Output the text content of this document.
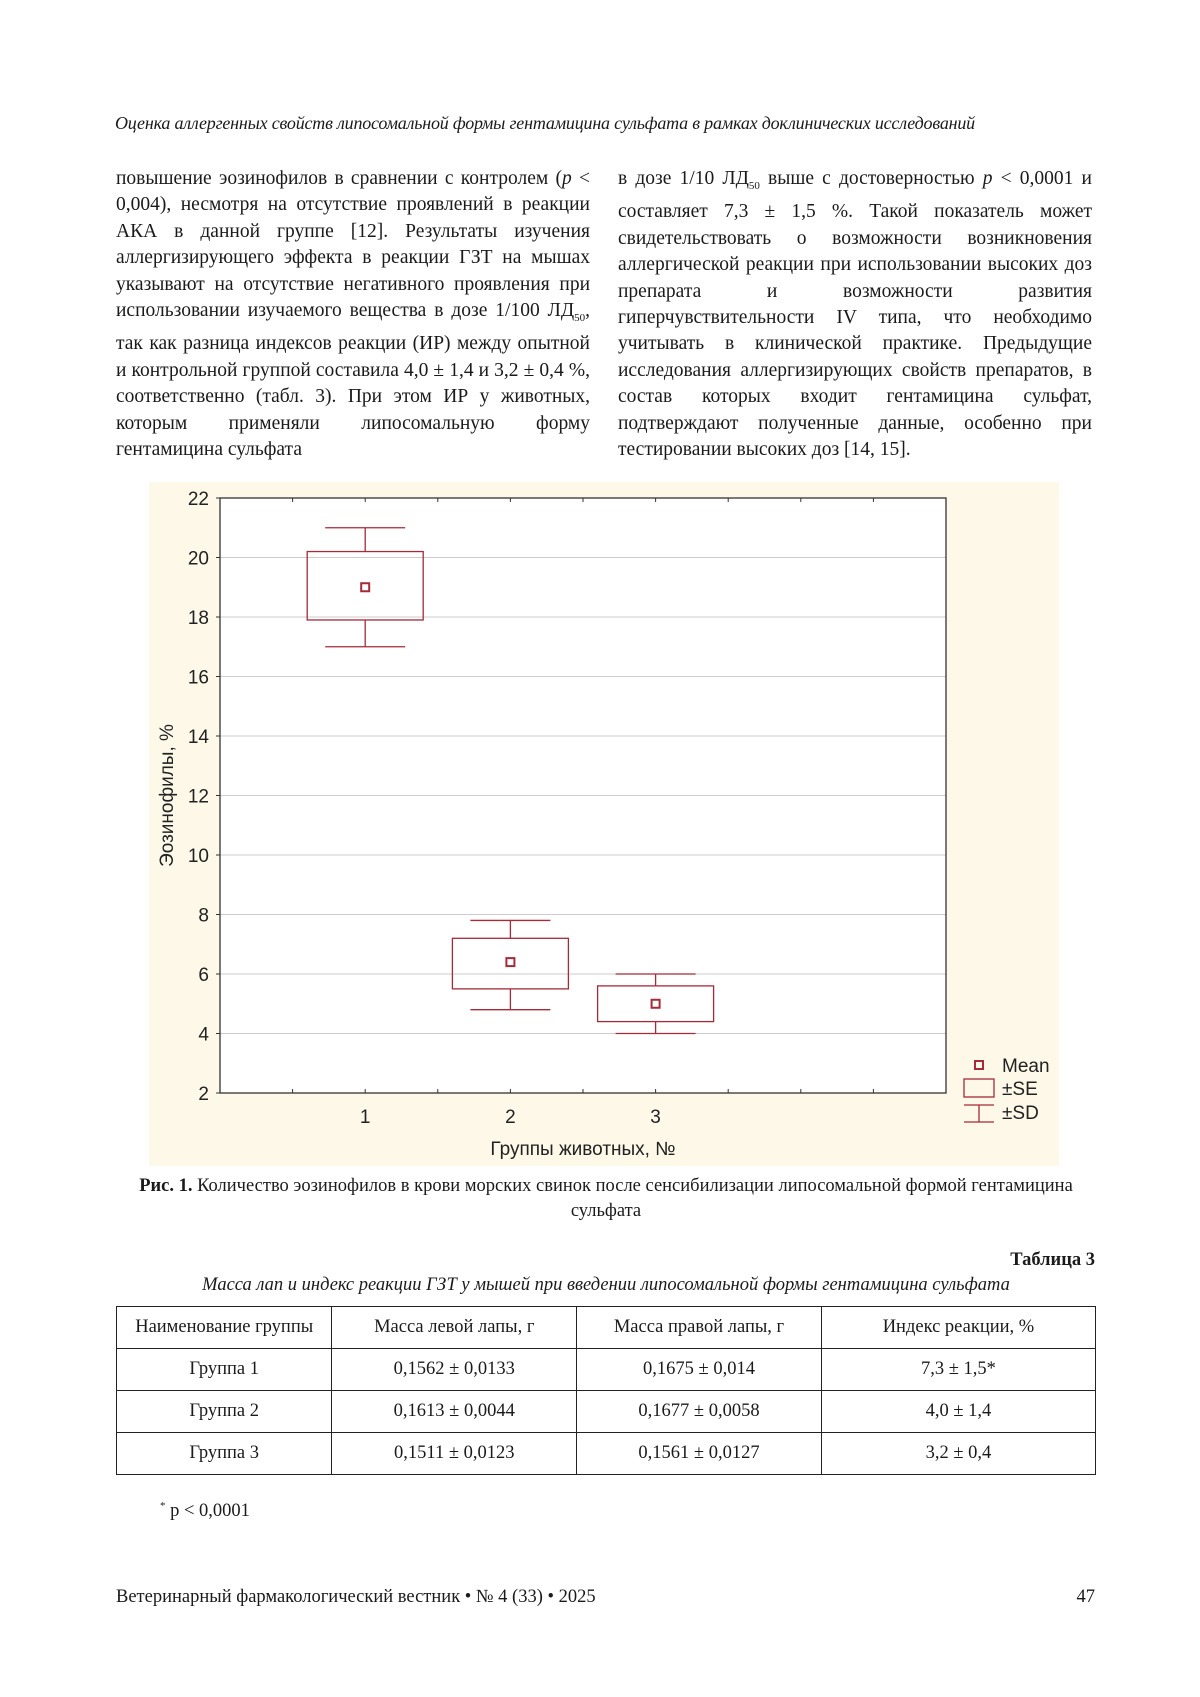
Оценка аллергенных свойств липосомальной формы гентамицина сульфата в рамках доклинических исследований

повышение эозинофилов в сравнении с контролем (p < 0,004), несмотря на отсутствие проявлений в реакции АКА в данной группе [12]. Результаты изучения аллергизирующего эффекта в реакции ГЗТ на мышах указывают на отсутствие негативного проявления при использовании изучаемого вещества в дозе 1/100 $ЛД_{50}$, так как разница индексов реакции (ИР) между опытной и контрольной группой составила 4,0 ± 1,4 и 3,2 ± 0,4 %, соответственно (табл. 3). При этом ИР у животных, которым применяли липосомальную форму гентамицина сульфата

в дозе 1/10 $ЛД_{50}$ выше с достоверностью p < 0,0001 и составляет 7,3 ± 1,5 %. Такой показатель может свидетельствовать о возможности возникновения аллергической реакции при использовании высоких доз препарата и возможности развития гиперчувствительности IV типа, что необходимо учитывать в клинической практике. Предыдущие исследования аллергизирующих свойств препаратов, в состав которых входит гентамицина сульфат, подтверждают полученные данные, особенно при тестировании высоких доз [14, 15].

2
4
6
8
10
12
14
16
18
20
22
1	2	3
Группы животных, №
Эозинофилы, %
Mean
±SE
±SD
Рис. 1. Количество эозинофилов в крови морских свинок после сенсибилизации липосомальной формой гентамицина сульфата
Таблица 3
Масса лап и индекс реакции ГЗТ у мышей при введении липосомальной формы гентамицина сульфата
Наименование группы	Масса левой лапы, г	Масса правой лапы, г	Индекс реакции, %
Группа 1	0,1562 ± 0,0133	0,1675 ± 0,014	7,3 ± 1,5*
Группа 2	0,1613 ± 0,0044	0,1677 ± 0,0058	4,0 ± 1,4
Группа 3	0,1511 ± 0,0123	0,1561 ± 0,0127	3,2 ± 0,4
* p < 0,0001
Ветеринарный фармакологический вестник • № 4 (33) • 2025	47
